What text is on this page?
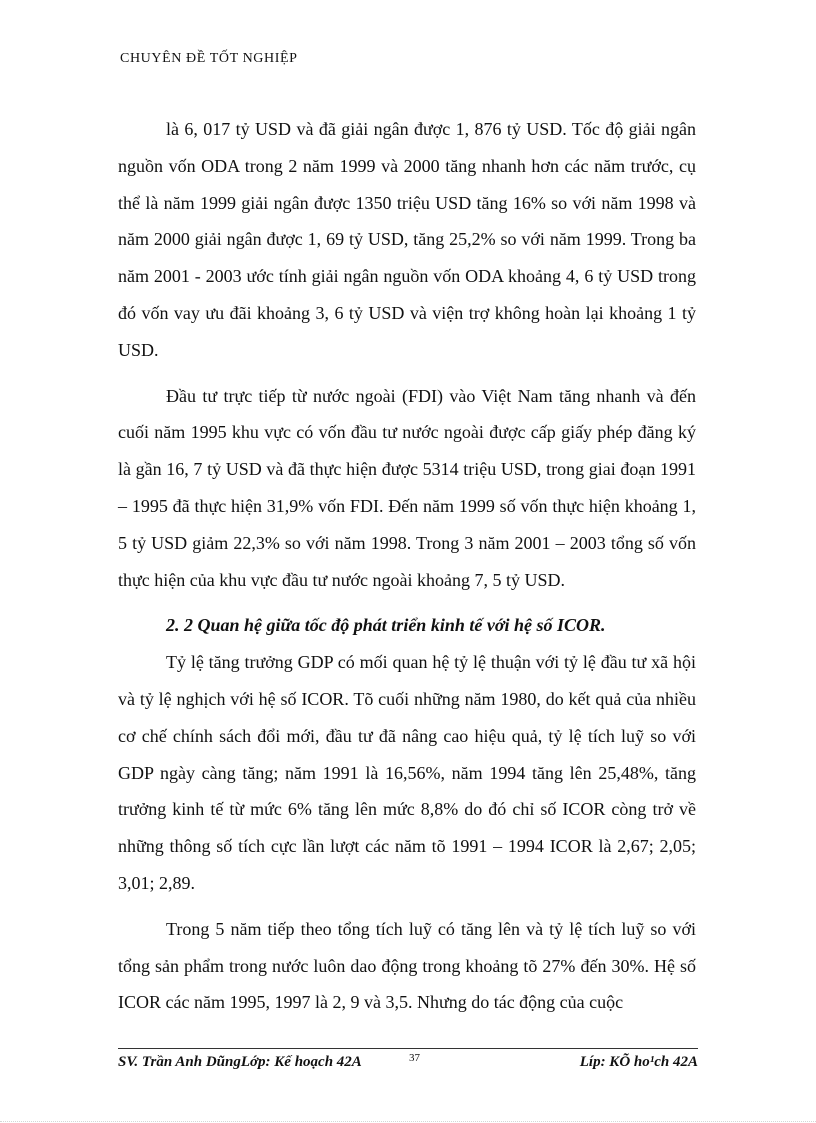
CHUYÊN ĐỀ TỐT NGHIỆP

là 6, 017 tỷ USD và đã giải ngân được 1, 876 tỷ USD. Tốc độ giải ngân nguồn vốn ODA trong 2 năm 1999 và 2000 tăng nhanh hơn các năm trước, cụ thể là năm 1999 giải ngân được 1350 triệu USD tăng 16% so với năm 1998 và năm 2000 giải ngân được 1, 69 tỷ USD, tăng 25,2% so với năm 1999. Trong ba năm 2001 - 2003 ước tính giải ngân nguồn vốn ODA khoảng 4, 6 tỷ USD trong đó vốn vay ưu đãi khoảng 3, 6 tỷ USD và viện trợ không hoàn lại khoảng 1 tỷ USD.

Đầu tư trực tiếp từ nước ngoài (FDI) vào Việt Nam tăng nhanh và đến cuối năm 1995 khu vực có vốn đầu tư nước ngoài được cấp giấy phép đăng ký là gần 16, 7 tỷ USD và đã thực hiện được 5314 triệu USD, trong giai đoạn 1991 – 1995 đã thực hiện 31,9% vốn FDI. Đến năm 1999 số vốn thực hiện khoảng 1, 5 tỷ USD giảm 22,3% so với năm 1998. Trong 3 năm 2001 – 2003 tổng số vốn thực hiện của khu vực đầu tư nước ngoài khoảng 7, 5 tỷ USD.

2. 2 Quan hệ giữa tốc độ phát triển kinh tế với hệ số ICOR.

Tỷ lệ tăng trưởng GDP có mối quan hệ tỷ lệ thuận với tỷ lệ đầu tư xã hội và tỷ lệ nghịch với hệ số ICOR. Tõ cuối những năm 1980, do kết quả của nhiều cơ chế chính sách đổi mới, đầu tư đã nâng cao hiệu quả, tỷ lệ tích luỹ so với GDP ngày càng tăng; năm 1991 là 16,56%, năm 1994 tăng lên 25,48%, tăng trưởng kinh tế từ mức 6% tăng lên mức 8,8% do đó chỉ số ICOR còng trở về những thông số tích cực lần lượt các năm tõ 1991 – 1994 ICOR là 2,67; 2,05; 3,01; 2,89.

Trong 5 năm tiếp theo tổng tích luỹ có tăng lên và tỷ lệ tích luỹ so với tổng sản phẩm trong nước luôn dao động trong khoảng tõ 27% đến 30%. Hệ số ICOR các năm 1995, 1997 là 2, 9 và 3,5. Nhưng do tác động của cuộc

SV. Trần Anh DũngLớp: Kế hoạch 42A	37	Líp: KÕ ho¹ch 42A
